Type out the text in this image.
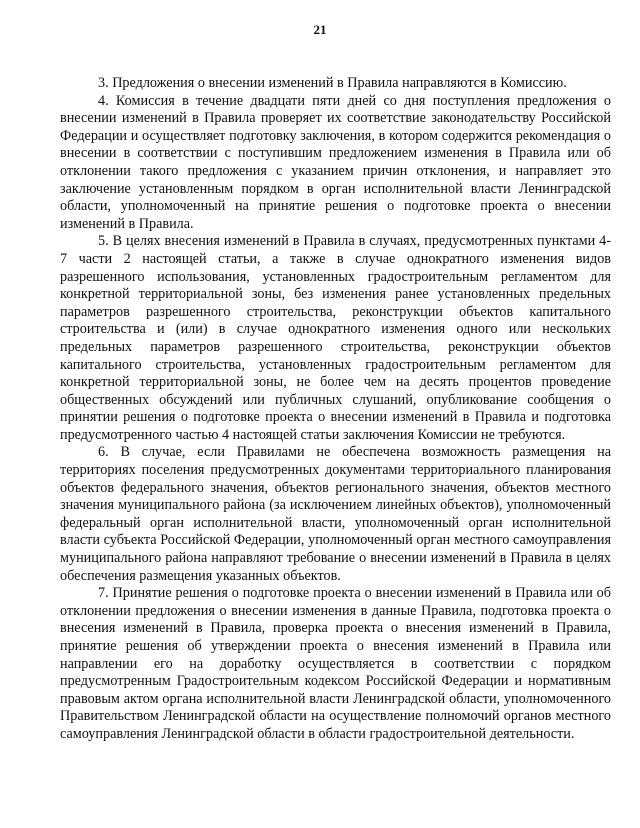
21

3. Предложения о внесении изменений в Правила направляются в Комиссию.

4. Комиссия в течение двадцати пяти дней со дня поступления предложения о внесении изменений в Правила проверяет их соответствие законодательству Российской Федерации и осуществляет подготовку заключения, в котором содержится рекомендация о внесении в соответствии с поступившим предложением изменения в Правила или об отклонении такого предложения с указанием причин отклонения, и направляет это заключение установленным порядком в орган исполнительной власти Ленинградской области, уполномоченный на принятие решения о подготовке проекта о внесении изменений в Правила.

5. В целях внесения изменений в Правила в случаях, предусмотренных пунктами 4-7 части 2 настоящей статьи, а также в случае однократного изменения видов разрешенного использования, установленных градостроительным регламентом для конкретной территориальной зоны, без изменения ранее установленных предельных параметров разрешенного строительства, реконструкции объектов капитального строительства и (или) в случае однократного изменения одного или нескольких предельных параметров разрешенного строительства, реконструкции объектов капитального строительства, установленных градостроительным регламентом для конкретной территориальной зоны, не более чем на десять процентов проведение общественных обсуждений или публичных слушаний, опубликование сообщения о принятии решения о подготовке проекта о внесении изменений в Правила и подготовка предусмотренного частью 4 настоящей статьи заключения Комиссии не требуются.

6. В случае, если Правилами не обеспечена возможность размещения на территориях поселения предусмотренных документами территориального планирования объектов федерального значения, объектов регионального значения, объектов местного значения муниципального района (за исключением линейных объектов), уполномоченный федеральный орган исполнительной власти, уполномоченный орган исполнительной власти субъекта Российской Федерации, уполномоченный орган местного самоуправления муниципального района направляют требование о внесении изменений в Правила в целях обеспечения размещения указанных объектов.

7. Принятие решения о подготовке проекта о внесении изменений в Правила или об отклонении предложения о внесении изменения в данные Правила, подготовка проекта о внесения изменений в Правила, проверка проекта о внесения изменений в Правила, принятие решения об утверждении проекта о внесения изменений в Правила или направлении его на доработку осуществляется в соответствии с порядком предусмотренным Градостроительным кодексом Российской Федерации и нормативным правовым актом органа исполнительной власти Ленинградской области, уполномоченного Правительством Ленинградской области на осуществление полномочий органов местного самоуправления Ленинградской области в области градостроительной деятельности.
